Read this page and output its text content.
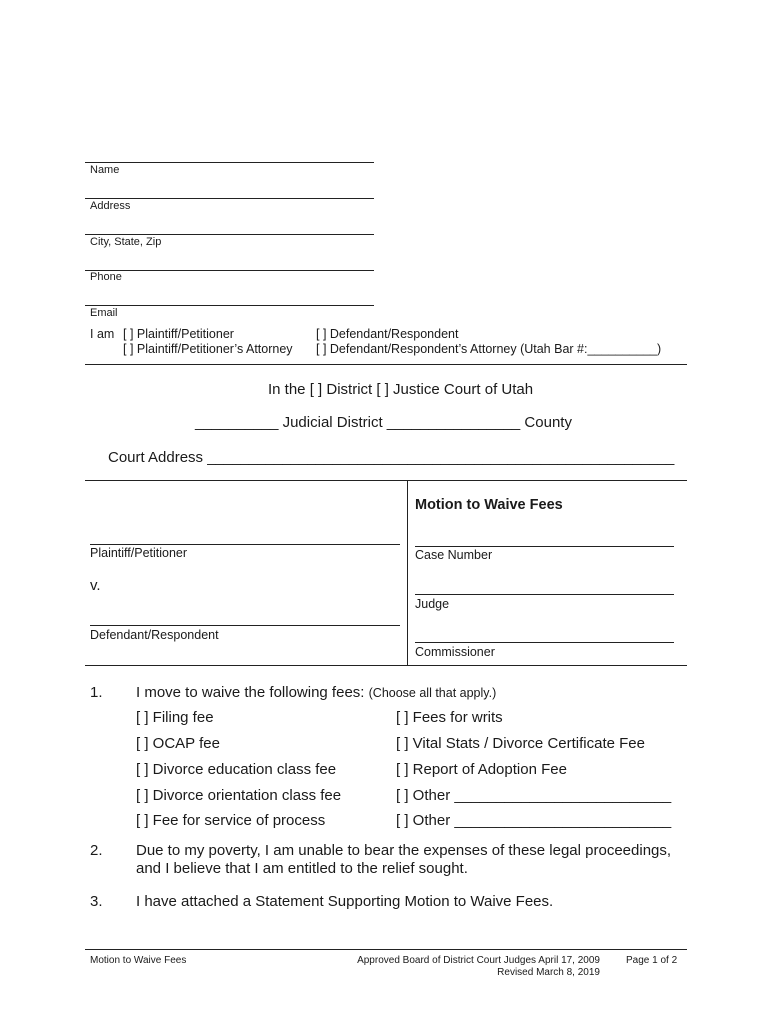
Name
Address
City, State, Zip
Phone
Email
I am [ ] Plaintiff/Petitioner
[ ] Plaintiff/Petitioner’s Attorney
[ ] Defendant/Respondent
[ ] Defendant/Respondent’s Attorney (Utah Bar #:__________)
In the [ ] District [ ] Justice Court of Utah
__________ Judicial District ________________ County
Court Address ________________________________________________________
Plaintiff/Petitioner
v.
Defendant/Respondent
Motion to Waive Fees
Case Number
Judge
Commissioner
1. I move to waive the following fees: (Choose all that apply.)
[ ] Filing fee
[ ] OCAP fee
[ ] Divorce education class fee
[ ] Divorce orientation class fee
[ ] Fee for service of process
[ ] Fees for writs
[ ] Vital Stats / Divorce Certificate Fee
[ ] Report of Adoption Fee
[ ] Other __________________________
[ ] Other __________________________
2. Due to my poverty, I am unable to bear the expenses of these legal proceedings,
and I believe that I am entitled to the relief sought.
3. I have attached a Statement Supporting Motion to Waive Fees.
Motion to Waive Fees	Approved Board of District Court Judges April 17, 2009
Revised March 8, 2019
Page 1 of 2
